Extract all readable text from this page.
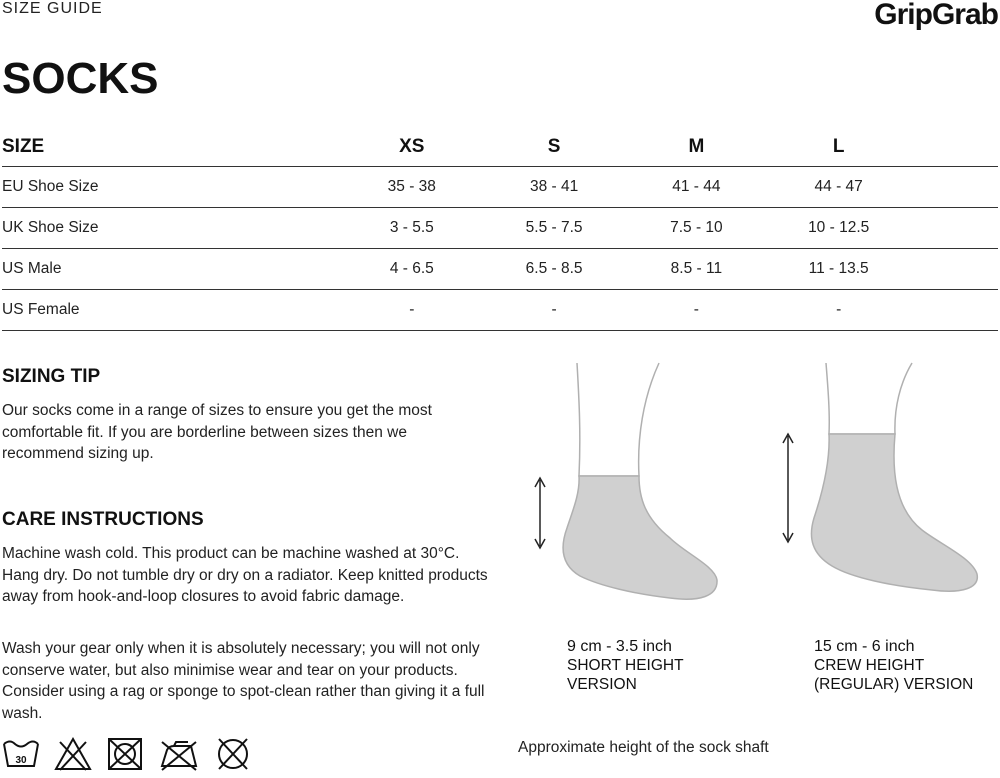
SIZE GUIDE	GripGrab
SOCKS
SIZE	XS	S	M	L	
EU Shoe Size	35 - 38	38 - 41	41 - 44	44 - 47	
UK Shoe Size	3 - 5.5	5.5 - 7.5	7.5 - 10	10 - 12.5	
US Male	4 - 6.5	6.5 - 8.5	8.5 - 11	11 - 13.5	
US Female	-	-	-	-	
SIZING TIP

Our socks come in a range of sizes to ensure you get the most comfortable fit. If you are borderline between sizes then we recommend sizing up.

CARE INSTRUCTIONS

Machine wash cold. This product can be machine washed at 30°C. Hang dry. Do not tumble dry or dry on a radiator. Keep knitted products away from hook-and-loop closures to avoid fabric damage.

Wash your gear only when it is absolutely necessary; you will not only conserve water, but also minimise wear and tear on your products. Consider using a rag or sponge to spot-clean rather than giving it a full wash.

30
9 cm - 3.5 inch
SHORT HEIGHT
VERSION
15 cm - 6 inch
CREW HEIGHT
(REGULAR) VERSION
Approximate height of the sock shaft
